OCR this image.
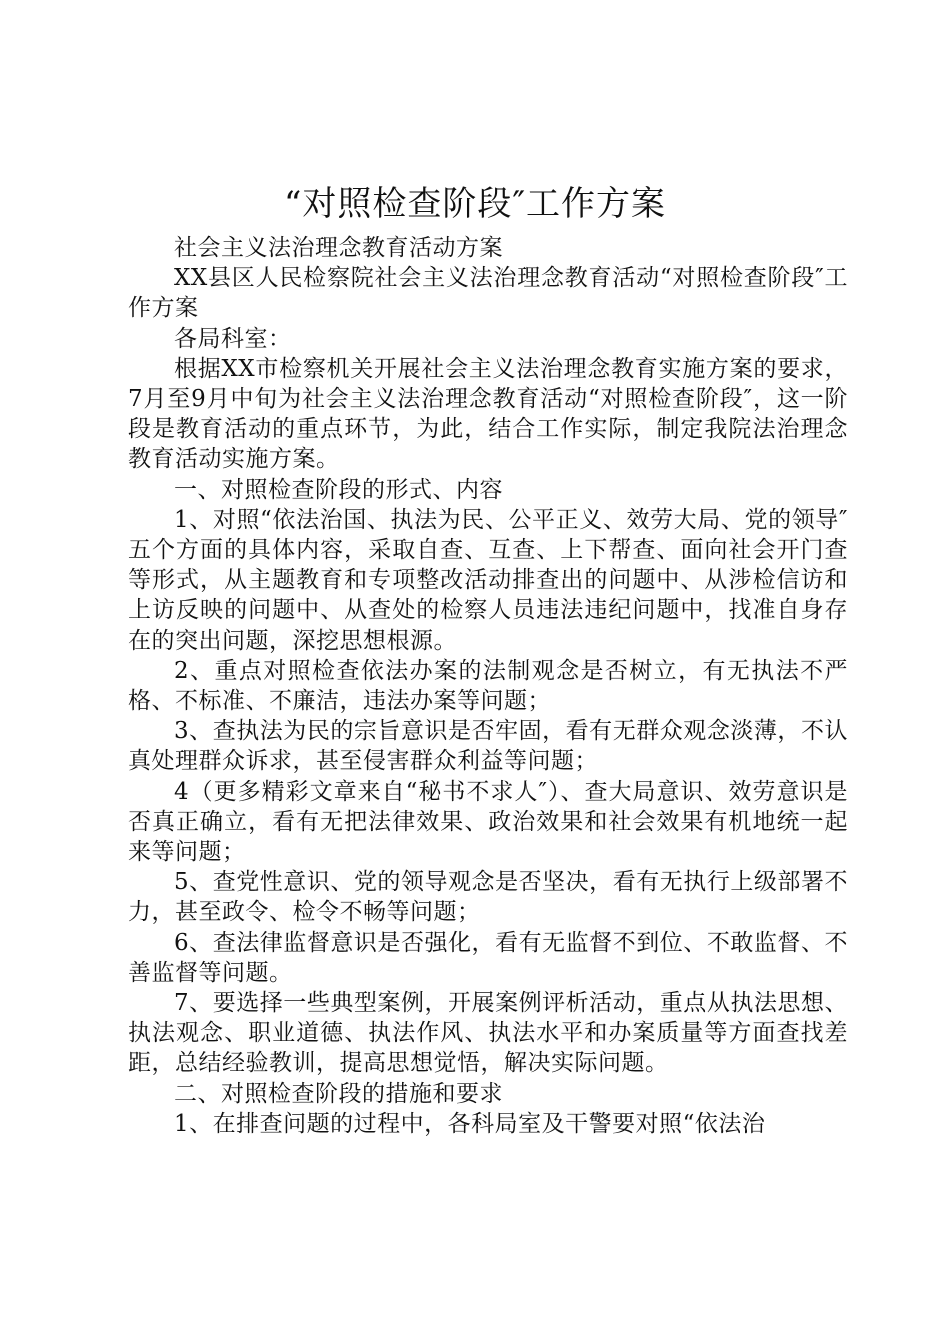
“对照检查阶段″工作方案

社会主义法治理念教育活动方案

XX县区人民检察院社会主义法治理念教育活动“对照检查阶段″工作方案

各局科室：

根据XX市检察机关开展社会主义法治理念教育实施方案的要求，7月至9月中旬为社会主义法治理念教育活动“对照检查阶段″，这一阶段是教育活动的重点环节，为此，结合工作实际，制定我院法治理念教育活动实施方案。

一、对照检查阶段的形式、内容

1、对照“依法治国、执法为民、公平正义、效劳大局、党的领导″五个方面的具体内容，采取自查、互查、上下帮查、面向社会开门查等形式，从主题教育和专项整改活动排查出的问题中、从涉检信访和上访反映的问题中、从查处的检察人员违法违纪问题中，找准自身存在的突出问题，深挖思想根源。

2、重点对照检查依法办案的法制观念是否树立，有无执法不严格、不标准、不廉洁，违法办案等问题；

3、查执法为民的宗旨意识是否牢固，看有无群众观念淡薄，不认真处理群众诉求，甚至侵害群众利益等问题；

4（更多精彩文章来自“秘书不求人″）、查大局意识、效劳意识是否真正确立，看有无把法律效果、政治效果和社会效果有机地统一起来等问题；

5、查党性意识、党的领导观念是否坚决，看有无执行上级部署不力，甚至政令、检令不畅等问题；

6、查法律监督意识是否强化，看有无监督不到位、不敢监督、不善监督等问题。

7、要选择一些典型案例，开展案例评析活动，重点从执法思想、执法观念、职业道德、执法作风、执法水平和办案质量等方面查找差距，总结经验教训，提高思想觉悟，解决实际问题。

二、对照检查阶段的措施和要求

1、在排查问题的过程中，各科局室及干警要对照“依法治
